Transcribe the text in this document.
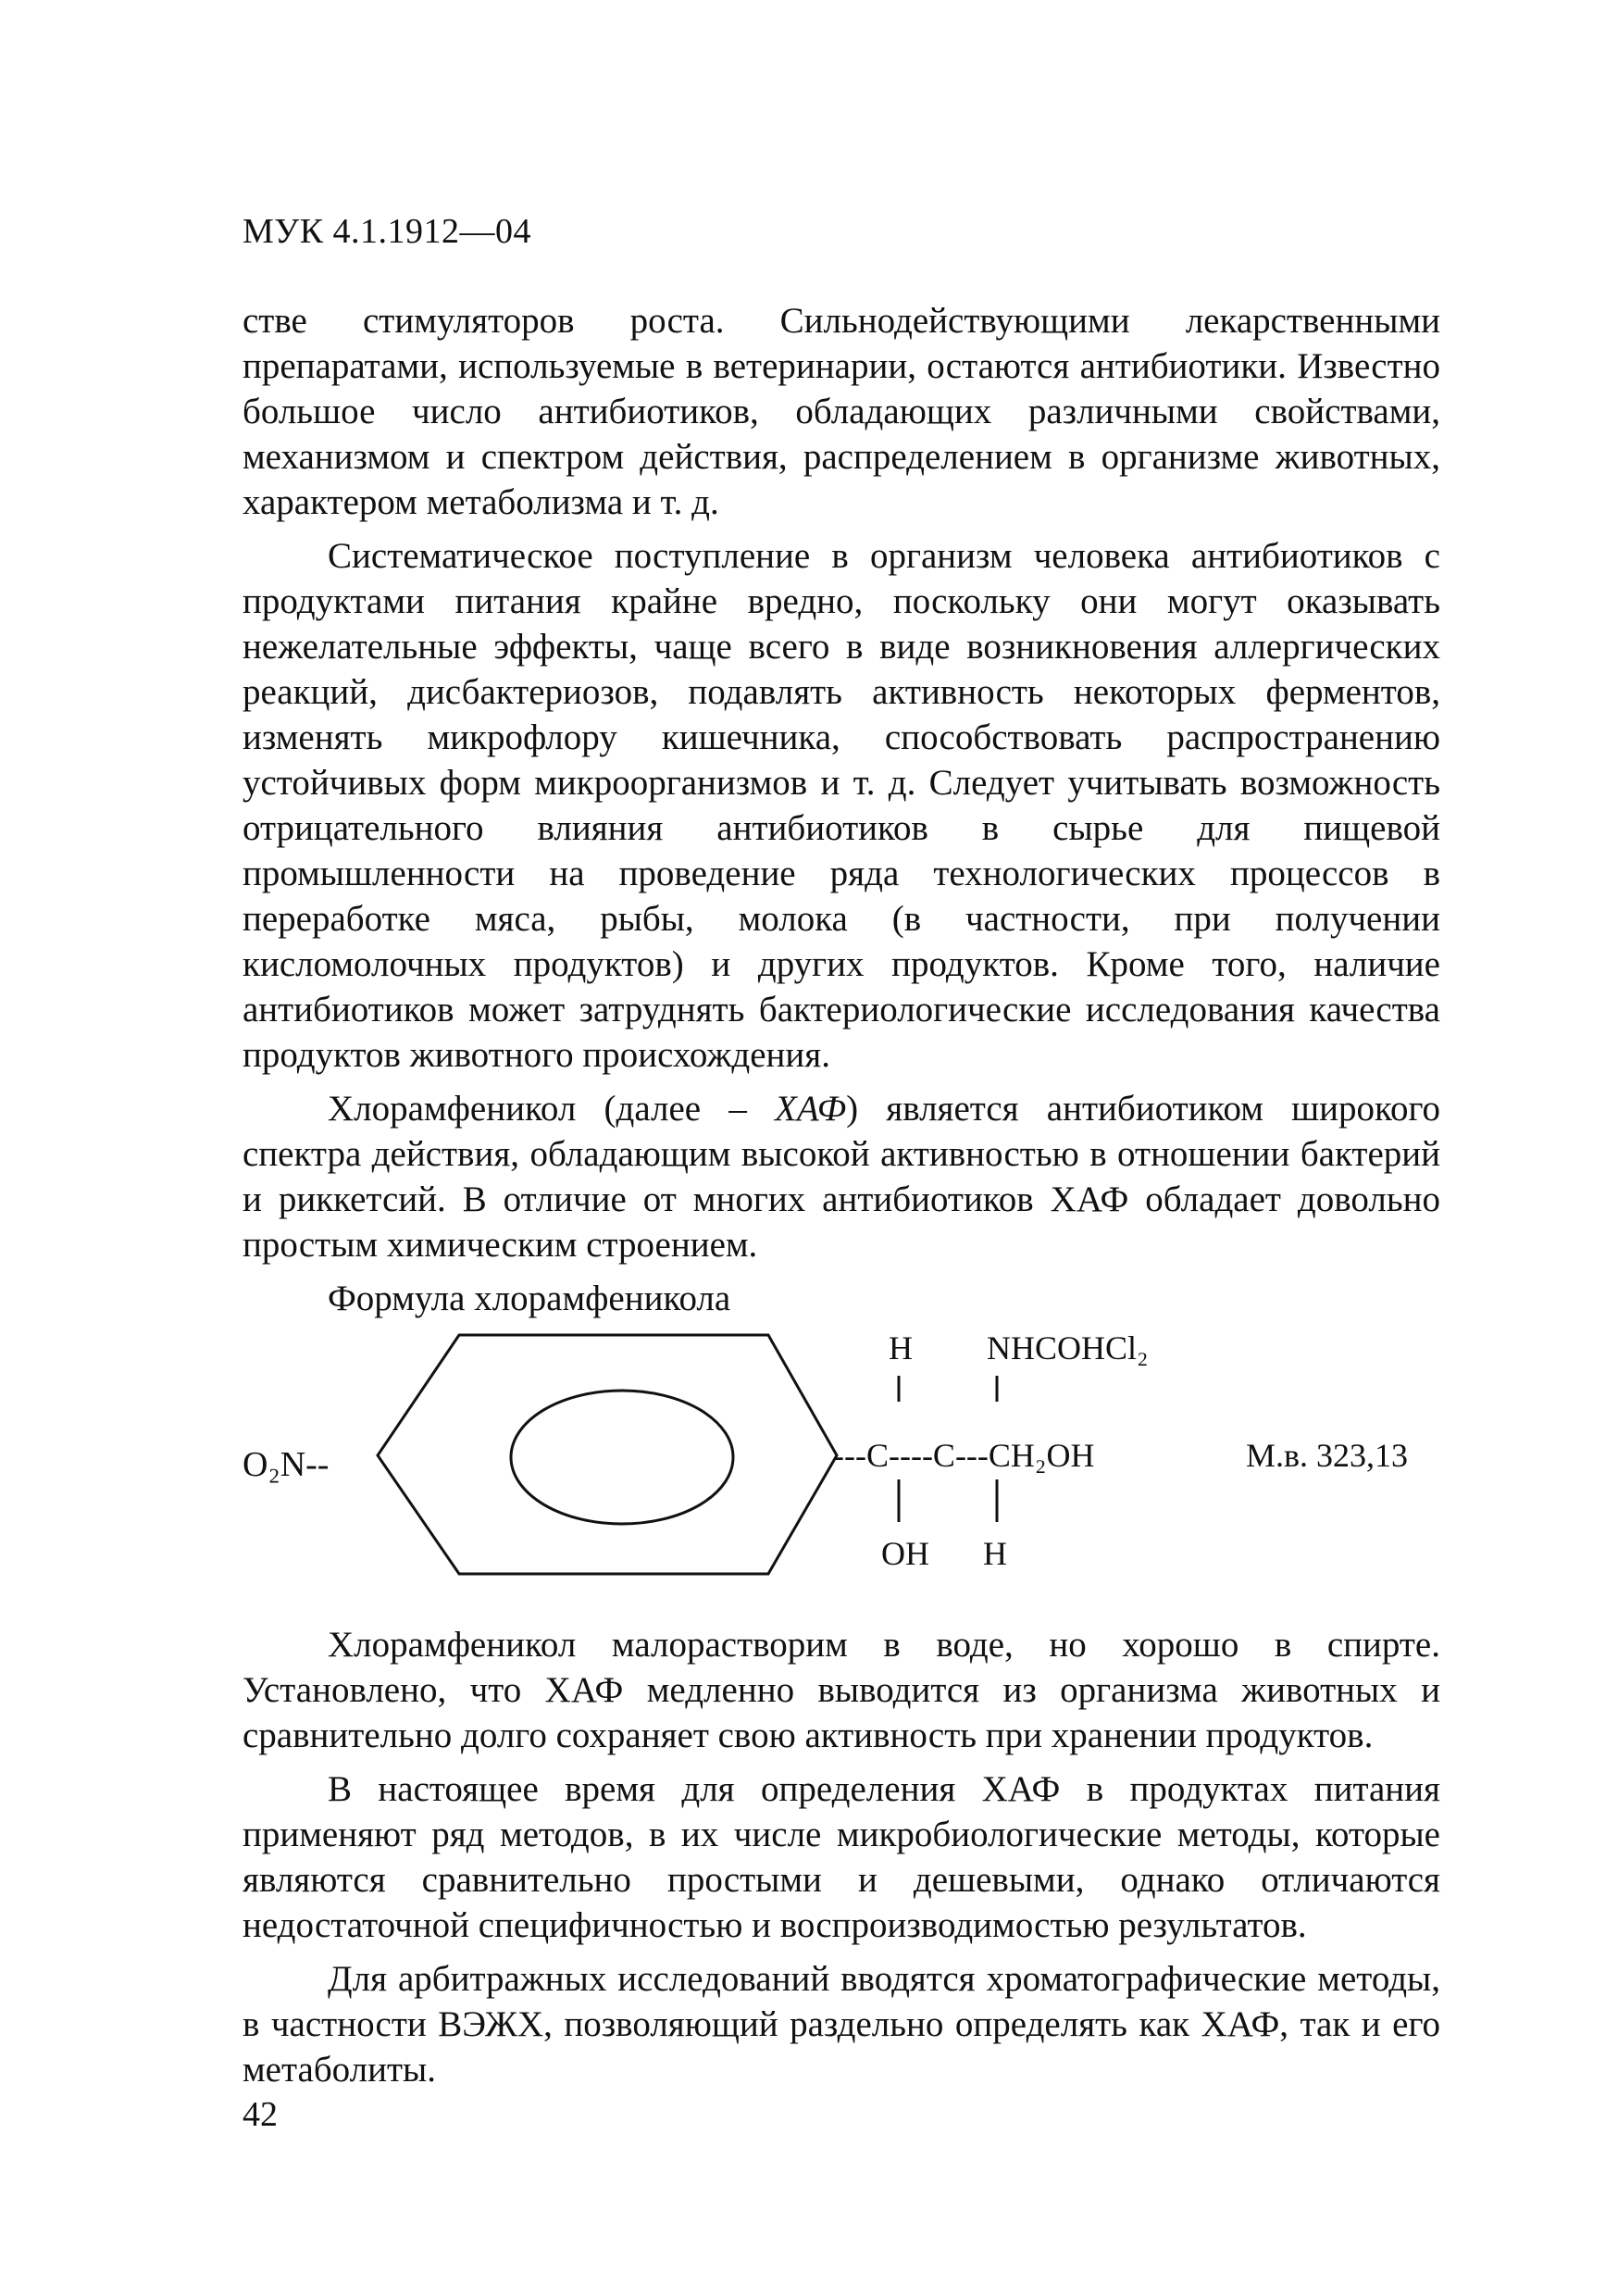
МУК 4.1.1912—04

стве стимуляторов роста. Сильнодействующими лекарственными препаратами, используемые в ветеринарии, остаются антибиотики. Известно большое число антибиотиков, обладающих различными свойствами, механизмом и спектром действия, распределением в организме животных, характером метаболизма и т. д.

Систематическое поступление в организм человека антибиотиков с продуктами питания крайне вредно, поскольку они могут оказывать нежелательные эффекты, чаще всего в виде возникновения аллергических реакций, дисбактериозов, подавлять активность некоторых ферментов, изменять микрофлору кишечника, способствовать распространению устойчивых форм микроорганизмов и т. д. Следует учитывать возможность отрицательного влияния антибиотиков в сырье для пищевой промышленности на проведение ряда технологических процессов в переработке мяса, рыбы, молока (в частности, при получении кисломолочных продуктов) и других продуктов. Кроме того, наличие антибиотиков может затруднять бактериологические исследования качества продуктов животного происхождения.

Хлорамфеникол (далее – ХАФ) является антибиотиком широкого спектра действия, обладающим высокой активностью в отношении бактерий и риккетсий. В отличие от многих антибиотиков ХАФ обладает довольно простым химическим строением.

Формула хлорамфеникола

O₂N--
H NHCOHCl₂
---C----C---CH₂OH
OH H
М.в. 323,13

Хлорамфеникол малорастворим в воде, но хорошо в спирте. Установлено, что ХАФ медленно выводится из организма животных и сравнительно долго сохраняет свою активность при хранении продуктов.

В настоящее время для определения ХАФ в продуктах питания применяют ряд методов, в их числе микробиологические методы, которые являются сравнительно простыми и дешевыми, однако отличаются недостаточной специфичностью и воспроизводимостью результатов.

Для арбитражных исследований вводятся хроматографические методы, в частности ВЭЖХ, позволяющий раздельно определять как ХАФ, так и его метаболиты.

42
